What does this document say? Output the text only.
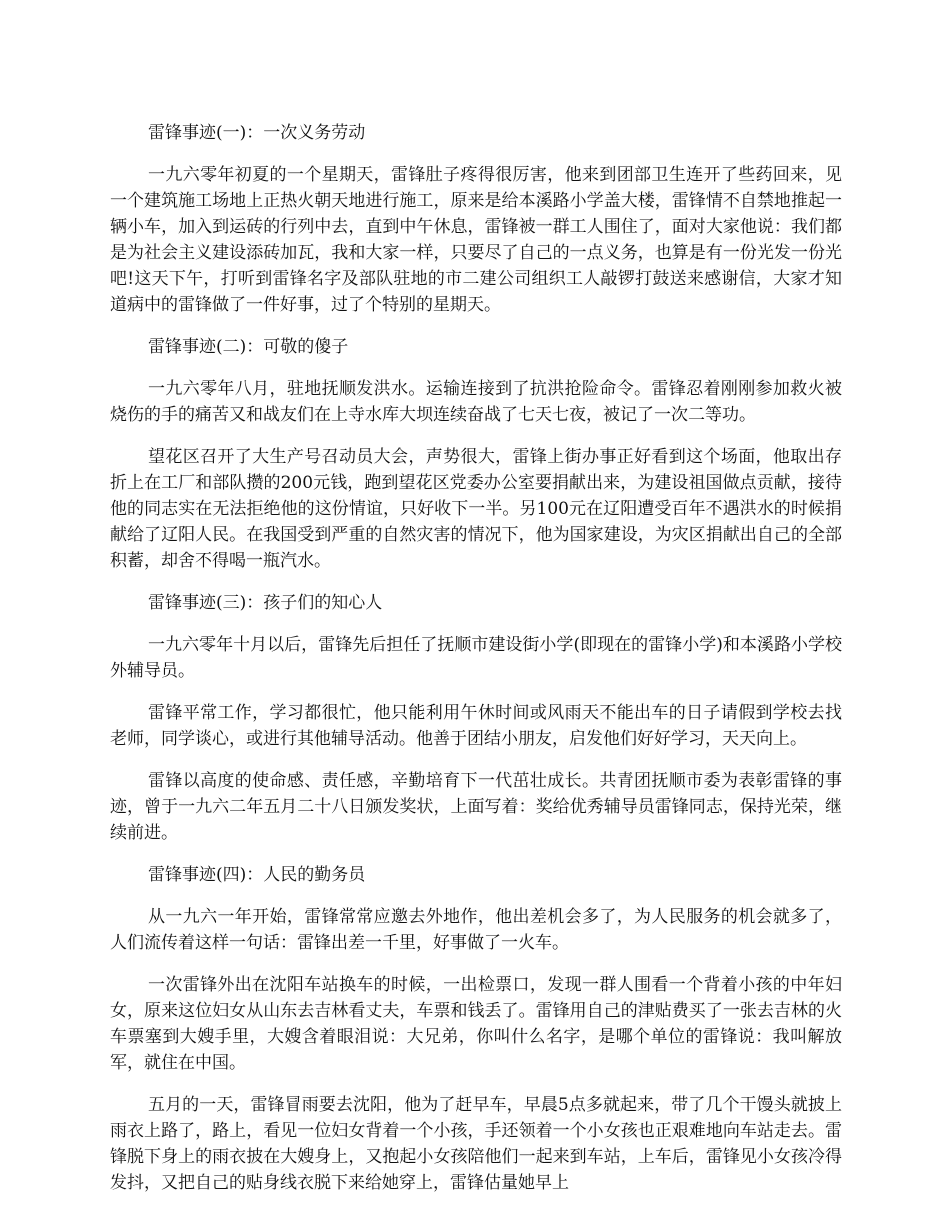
雷锋事迹(一)：一次义务劳动

一九六零年初夏的一个星期天，雷锋肚子疼得很厉害，他来到团部卫生连开了些药回来，见一个建筑施工场地上正热火朝天地进行施工，原来是给本溪路小学盖大楼，雷锋情不自禁地推起一辆小车，加入到运砖的行列中去，直到中午休息，雷锋被一群工人围住了，面对大家他说：我们都是为社会主义建设添砖加瓦，我和大家一样，只要尽了自己的一点义务，也算是有一份光发一份光吧!这天下午，打听到雷锋名字及部队驻地的市二建公司组织工人敲锣打鼓送来感谢信，大家才知道病中的雷锋做了一件好事，过了个特别的星期天。

雷锋事迹(二)：可敬的傻子

一九六零年八月，驻地抚顺发洪水。运输连接到了抗洪抢险命令。雷锋忍着刚刚参加救火被烧伤的手的痛苦又和战友们在上寺水库大坝连续奋战了七天七夜，被记了一次二等功。

望花区召开了大生产号召动员大会，声势很大，雷锋上街办事正好看到这个场面，他取出存折上在工厂和部队攒的200元钱，跑到望花区党委办公室要捐献出来，为建设祖国做点贡献，接待他的同志实在无法拒绝他的这份情谊，只好收下一半。另100元在辽阳遭受百年不遇洪水的时候捐献给了辽阳人民。在我国受到严重的自然灾害的情况下，他为国家建设，为灾区捐献出自己的全部积蓄，却舍不得喝一瓶汽水。

雷锋事迹(三)：孩子们的知心人

一九六零年十月以后，雷锋先后担任了抚顺市建设街小学(即现在的雷锋小学)和本溪路小学校外辅导员。

雷锋平常工作，学习都很忙，他只能利用午休时间或风雨天不能出车的日子请假到学校去找老师，同学谈心，或进行其他辅导活动。他善于团结小朋友，启发他们好好学习，天天向上。

雷锋以高度的使命感、责任感，辛勤培育下一代茁壮成长。共青团抚顺市委为表彰雷锋的事迹，曾于一九六二年五月二十八日颁发奖状，上面写着：奖给优秀辅导员雷锋同志，保持光荣，继续前进。

雷锋事迹(四)：人民的勤务员

从一九六一年开始，雷锋常常应邀去外地作，他出差机会多了，为人民服务的机会就多了，人们流传着这样一句话：雷锋出差一千里，好事做了一火车。

一次雷锋外出在沈阳车站换车的时候，一出检票口，发现一群人围看一个背着小孩的中年妇女，原来这位妇女从山东去吉林看丈夫，车票和钱丢了。雷锋用自己的津贴费买了一张去吉林的火车票塞到大嫂手里，大嫂含着眼泪说：大兄弟，你叫什么名字，是哪个单位的雷锋说：我叫解放军，就住在中国。

五月的一天，雷锋冒雨要去沈阳，他为了赶早车，早晨5点多就起来，带了几个干馒头就披上雨衣上路了，路上，看见一位妇女背着一个小孩，手还领着一个小女孩也正艰难地向车站走去。雷锋脱下身上的雨衣披在大嫂身上，又抱起小女孩陪他们一起来到车站，上车后，雷锋见小女孩冷得发抖，又把自己的贴身线衣脱下来给她穿上，雷锋估量她早上
